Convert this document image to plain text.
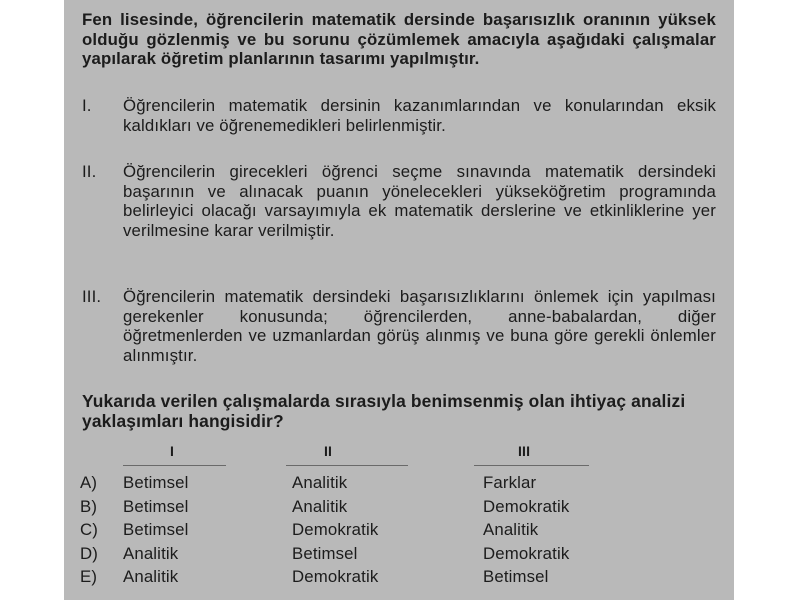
Fen lisesinde, öğrencilerin matematik dersinde başarısızlık oranının yüksek olduğu gözlenmiş ve bu sorunu çözümlemek amacıyla aşağıdaki çalışmalar yapılarak öğretim planlarının tasarımı yapılmıştır.

I. Öğrencilerin matematik dersinin kazanımlarından ve konularından eksik kaldıkları ve öğrenemedikleri belirlenmiştir.
II. Öğrencilerin girecekleri öğrenci seçme sınavında matematik dersindeki başarının ve alınacak puanın yönelecekleri yükseköğretim programında belirleyici olacağı varsayımıyla ek matematik derslerine ve etkinliklerine yer verilmesine karar verilmiştir.
III. Öğrencilerin matematik dersindeki başarısızlıklarını önlemek için yapılması gerekenler konusunda; öğrencilerden, anne-babalardan, diğer öğretmenlerden ve uzmanlardan görüş alınmış ve buna göre gerekli önlemler alınmıştır.

Yukarıda verilen çalışmalarda sırasıyla benimsenmiş olan ihtiyaç analizi yaklaşımları hangisidir?

I	II	III
A) Betimsel	Analitik	Farklar
B) Betimsel	Analitik	Demokratik
C) Betimsel	Demokratik	Analitik
D) Analitik	Betimsel	Demokratik
E) Analitik	Demokratik	Betimsel
